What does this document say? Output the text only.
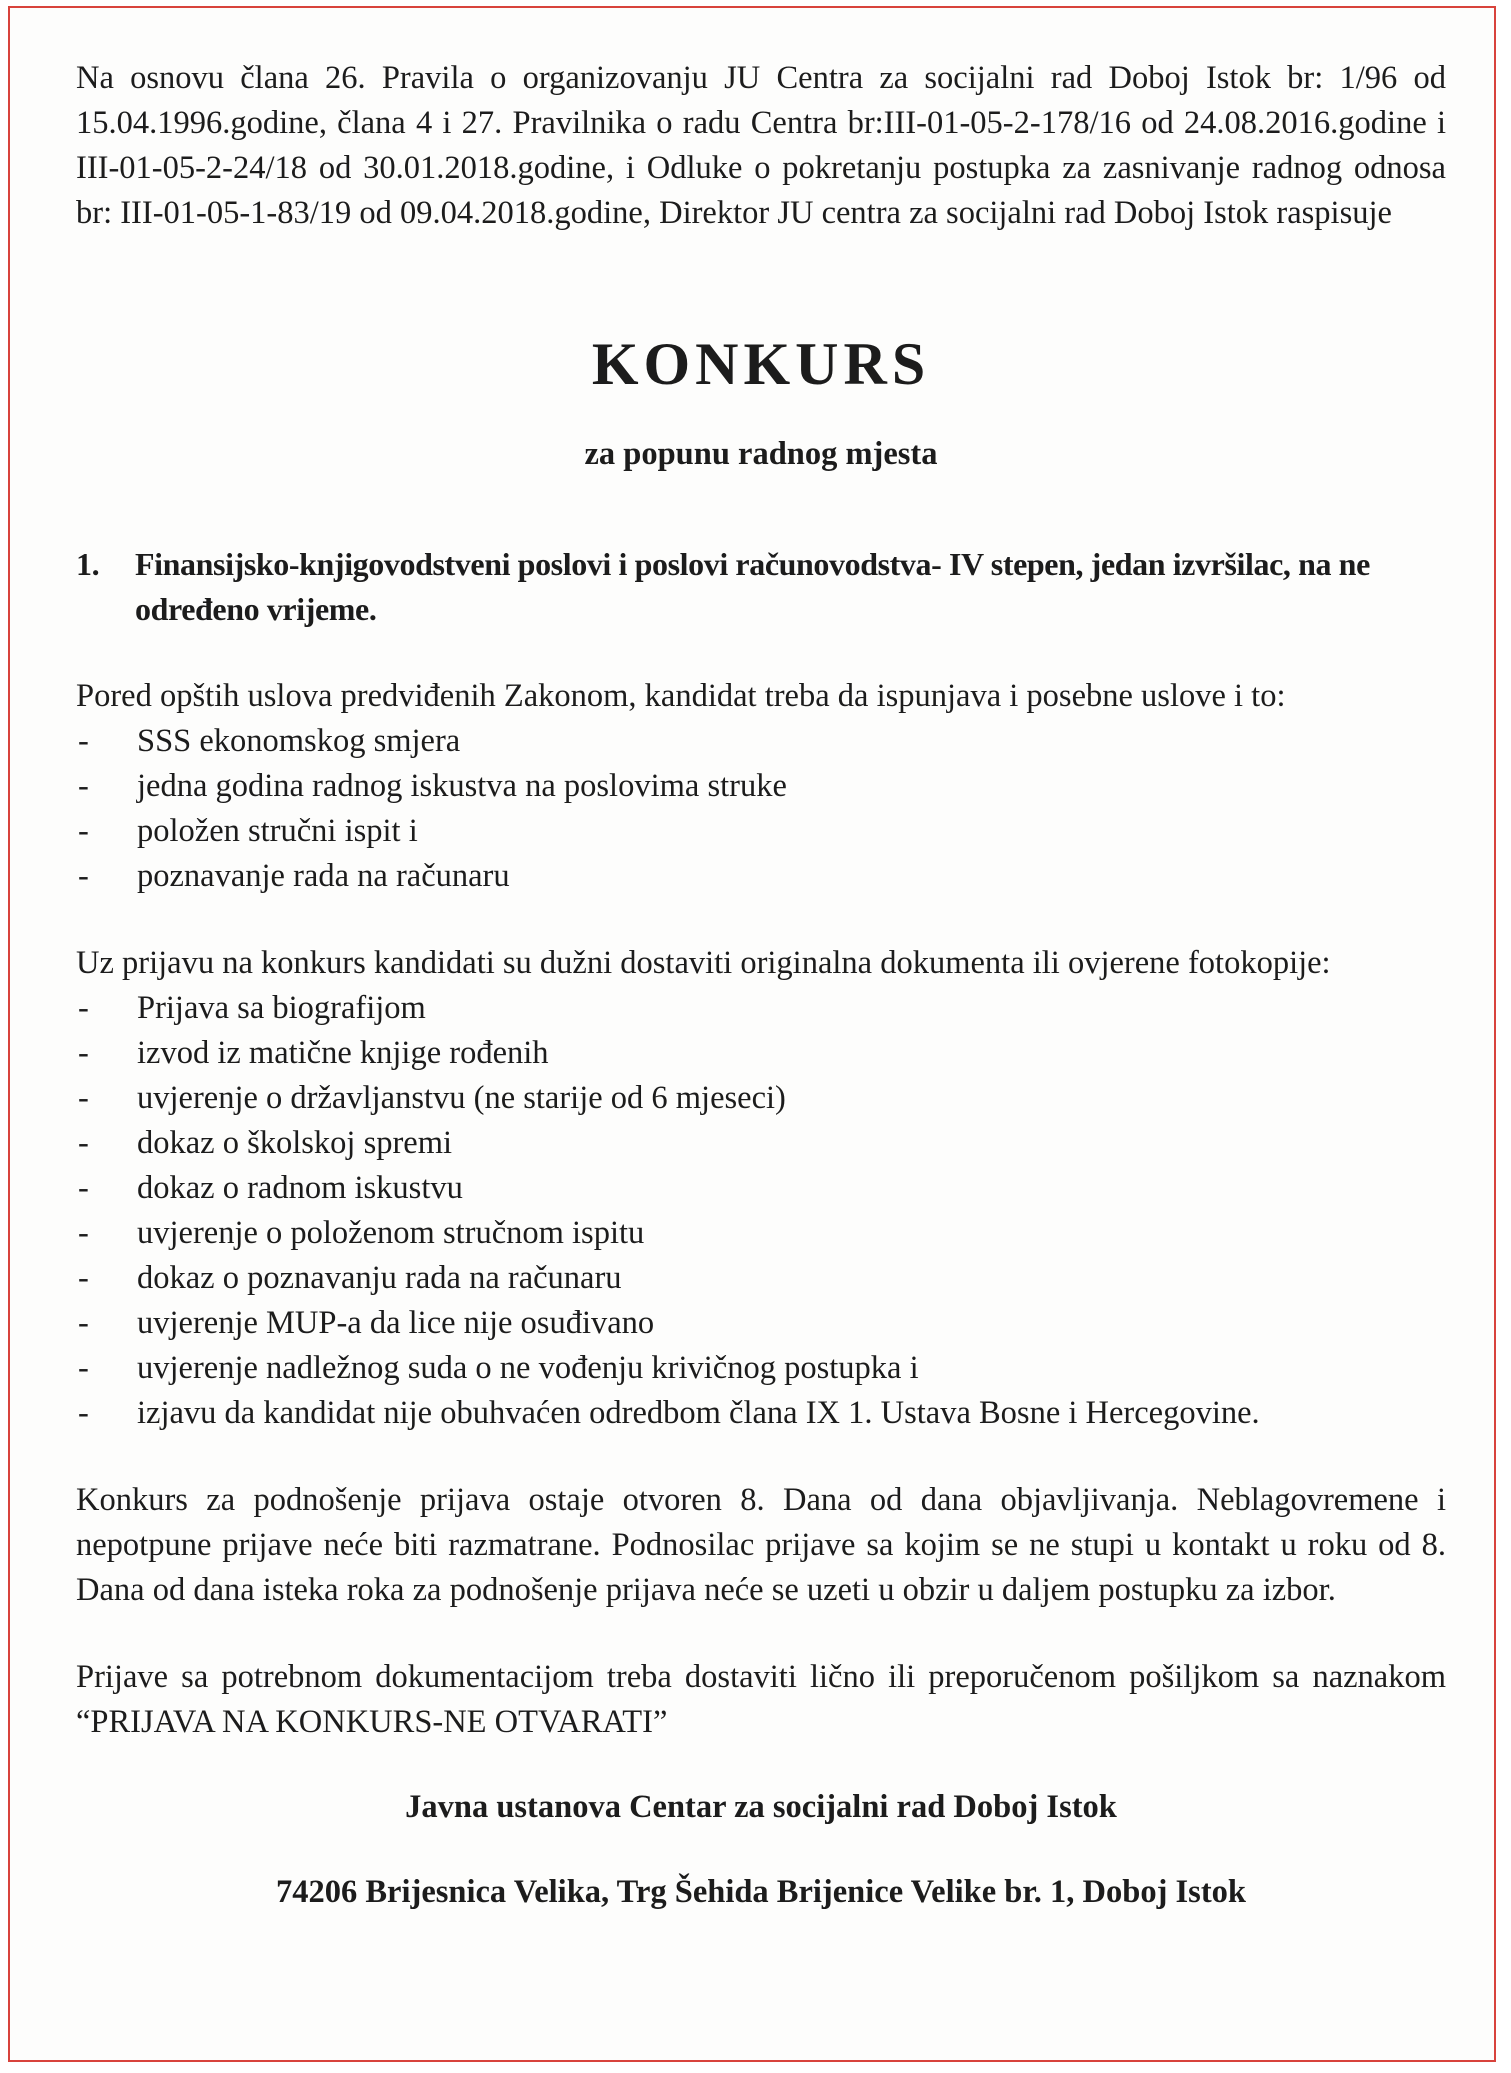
Na osnovu člana 26. Pravila o organizovanju JU Centra za socijalni rad Doboj Istok br: 1/96 od 15.04.1996.godine, člana 4 i 27. Pravilnika o radu Centra br:III-01-05-2-178/16 od 24.08.2016.godine i III-01-05-2-24/18 od 30.01.2018.godine, i Odluke o pokretanju postupka za zasnivanje radnog odnosa br: III-01-05-1-83/19 od 09.04.2018.godine, Direktor JU centra za socijalni rad Doboj Istok raspisuje

KONKURS
za popunu radnog mjesta
1.	Finansijsko-knjigovodstveni poslovi i poslovi računovodstva- IV stepen, jedan izvršilac, na ne određeno vrijeme.

Pored opštih uslova predviđenih Zakonom, kandidat treba da ispunjava i posebne uslove i to:

-	SSS ekonomskog smjera
-	jedna godina radnog iskustva na poslovima struke
-	položen stručni ispit i
-	poznavanje rada na računaru

Uz prijavu na konkurs kandidati su dužni dostaviti originalna dokumenta ili ovjerene fotokopije:

-	Prijava sa biografijom
-	izvod iz matične knjige rođenih
-	uvjerenje o državljanstvu (ne starije od 6 mjeseci)
-	dokaz o školskoj spremi
-	dokaz o radnom iskustvu
-	uvjerenje o položenom stručnom ispitu
-	dokaz o poznavanju rada na računaru
-	uvjerenje MUP-a da lice nije osuđivano
-	uvjerenje nadležnog suda o ne vođenju krivičnog postupka i
-	izjavu da kandidat nije obuhvaćen odredbom člana IX 1. Ustava Bosne i Hercegovine.

Konkurs za podnošenje prijava ostaje otvoren 8. Dana od dana objavljivanja. Neblagovremene i nepotpune prijave neće biti razmatrane. Podnosilac prijave sa kojim se ne stupi u kontakt u roku od 8. Dana od dana isteka roka za podnošenje prijava neće se uzeti u obzir u daljem postupku za izbor.

Prijave sa potrebnom dokumentacijom treba dostaviti lično ili preporučenom pošiljkom sa naznakom “PRIJAVA NA KONKURS-NE OTVARATI”

Javna ustanova Centar za socijalni rad Doboj Istok
74206 Brijesnica Velika, Trg Šehida Brijenice Velike br. 1, Doboj Istok
